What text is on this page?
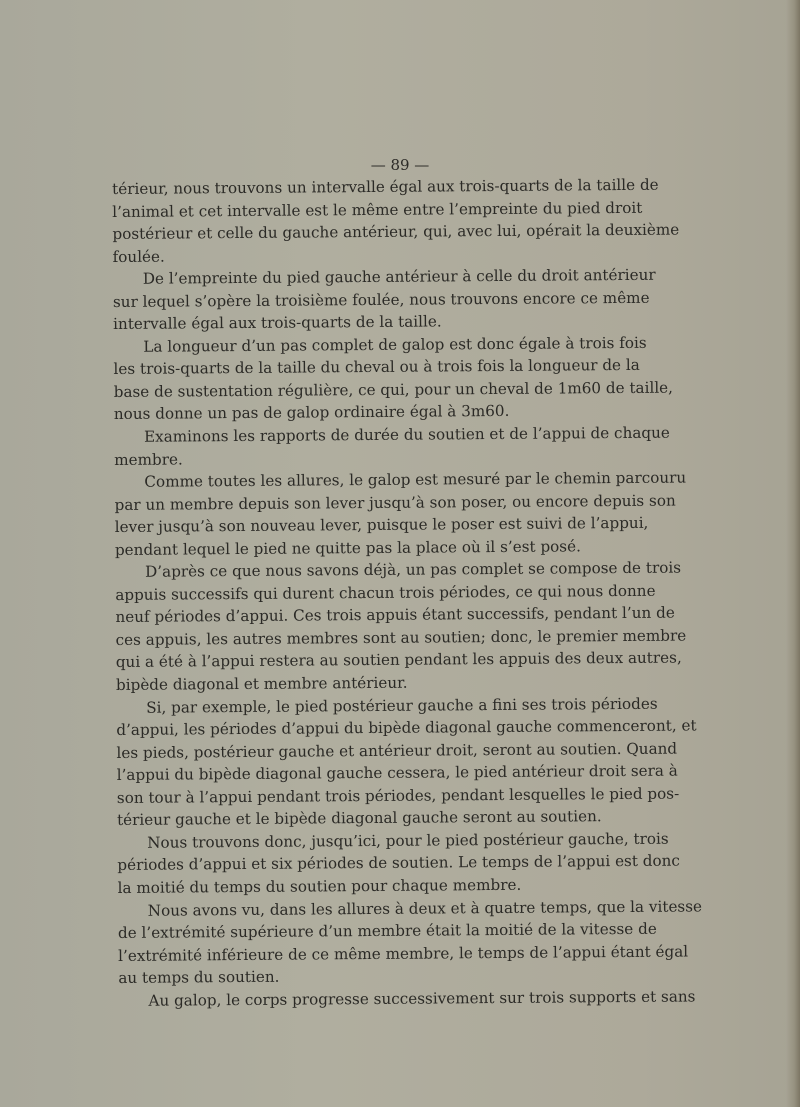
— 89 —
térieur, nous trouvons un intervalle égal aux trois-quarts de la taille de
l’animal et cet intervalle est le même entre l’empreinte du pied droit
postérieur et celle du gauche antérieur, qui, avec lui, opérait la deuxième
foulée.
De l’empreinte du pied gauche antérieur à celle du droit antérieur
sur lequel s’opère la troisième foulée, nous trouvons encore ce même
intervalle égal aux trois-quarts de la taille.
La longueur d’un pas complet de galop est donc égale à trois fois
les trois-quarts de la taille du cheval ou à trois fois la longueur de la
base de sustentation régulière, ce qui, pour un cheval de 1m60 de taille,
nous donne un pas de galop ordinaire égal à 3m60.
Examinons les rapports de durée du soutien et de l’appui de chaque
membre.
Comme toutes les allures, le galop est mesuré par le chemin parcouru
par un membre depuis son lever jusqu’à son poser, ou encore depuis son
lever jusqu’à son nouveau lever, puisque le poser est suivi de l’appui,
pendant lequel le pied ne quitte pas la place où il s’est posé.
D’après ce que nous savons déjà, un pas complet se compose de trois
appuis successifs qui durent chacun trois périodes, ce qui nous donne
neuf périodes d’appui. Ces trois appuis étant successifs, pendant l’un de
ces appuis, les autres membres sont au soutien; donc, le premier membre
qui a été à l’appui restera au soutien pendant les appuis des deux autres,
bipède diagonal et membre antérieur.
Si, par exemple, le pied postérieur gauche a fini ses trois périodes
d’appui, les périodes d’appui du bipède diagonal gauche commenceront, et
les pieds, postérieur gauche et antérieur droit, seront au soutien. Quand
l’appui du bipède diagonal gauche cessera, le pied antérieur droit sera à
son tour à l’appui pendant trois périodes, pendant lesquelles le pied pos-
térieur gauche et le bipède diagonal gauche seront au soutien.
Nous trouvons donc, jusqu’ici, pour le pied postérieur gauche, trois
périodes d’appui et six périodes de soutien. Le temps de l’appui est donc
la moitié du temps du soutien pour chaque membre.
Nous avons vu, dans les allures à deux et à quatre temps, que la vitesse
de l’extrémité supérieure d’un membre était la moitié de la vitesse de
l’extrémité inférieure de ce même membre, le temps de l’appui étant égal
au temps du soutien.
Au galop, le corps progresse successivement sur trois supports et sans
